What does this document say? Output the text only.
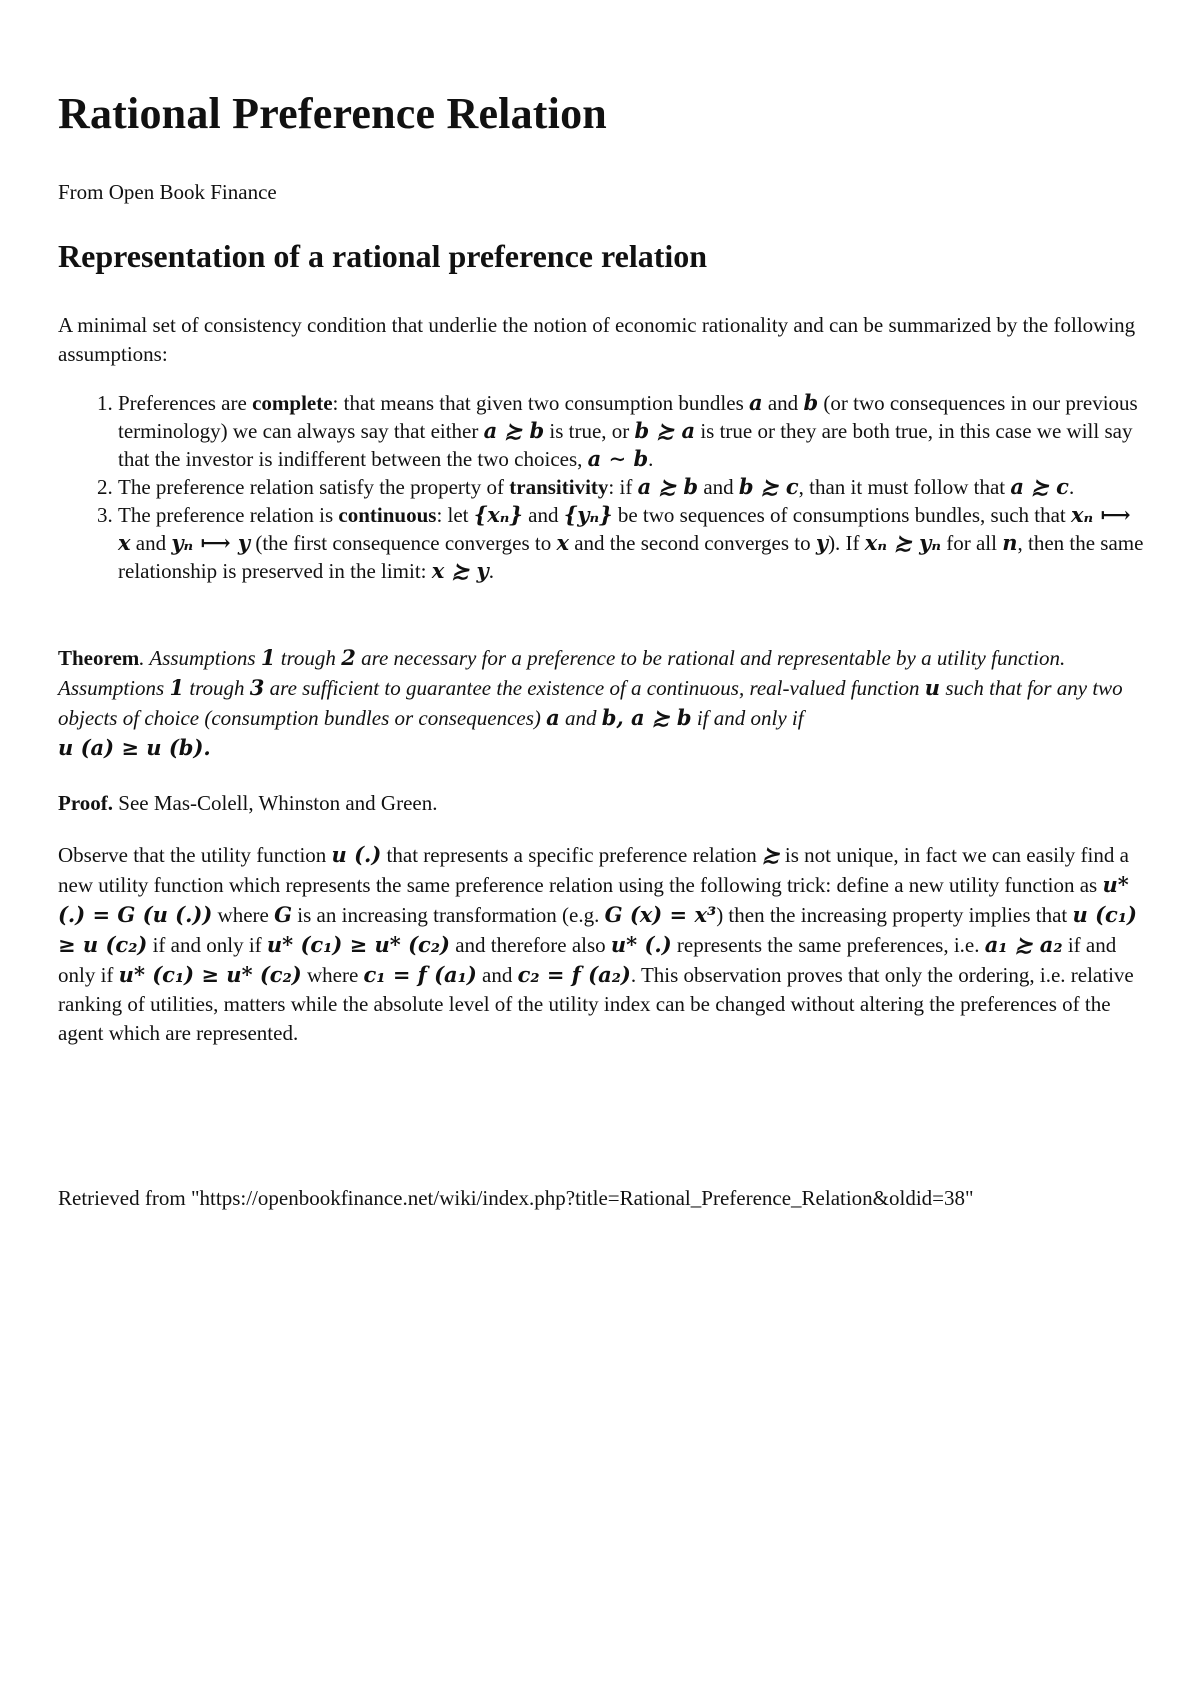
Rational Preference Relation
From Open Book Finance
Representation of a rational preference relation
A minimal set of consistency condition that underlie the notion of economic rationality and can be summarized by the following assumptions:
1. Preferences are complete: that means that given two consumption bundles a and b (or two consequences in our previous terminology) we can always say that either a ≿ b is true, or b ≿ a is true or they are both true, in this case we will say that the investor is indifferent between the two choices, a ∼ b.
2. The preference relation satisfy the property of transitivity: if a ≿ b and b ≿ c, than it must follow that a ≿ c.
3. The preference relation is continuous: let {xₙ} and {yₙ} be two sequences of consumptions bundles, such that xₙ ⟼ x and yₙ ⟼ y (the first consequence converges to x and the second converges to y). If xₙ ≿ yₙ for all n, then the same relationship is preserved in the limit: x ≿ y.
Theorem. Assumptions 1 trough 2 are necessary for a preference to be rational and representable by a utility function. Assumptions 1 trough 3 are sufficient to guarantee the existence of a continuous, real-valued function u such that for any two objects of choice (consumption bundles or consequences) a and b, a ≿ b if and only if
u (a) ≥ u (b).
Proof. See Mas-Colell, Whinston and Green.
Observe that the utility function u (.) that represents a specific preference relation ≿ is not unique, in fact we can easily find a new utility function which represents the same preference relation using the following trick: define a new utility function as u* (.) = G (u (.)) where G is an increasing transformation (e.g. G (x) = x³) then the increasing property implies that u (c₁) ≥ u (c₂) if and only if u* (c₁) ≥ u* (c₂) and therefore also u* (.) represents the same preferences, i.e. a₁ ≿ a₂ if and only if u* (c₁) ≥ u* (c₂) where c₁ = f (a₁) and c₂ = f (a₂). This observation proves that only the ordering, i.e. relative ranking of utilities, matters while the absolute level of the utility index can be changed without altering the preferences of the agent which are represented.
Retrieved from "https://openbookfinance.net/wiki/index.php?title=Rational_Preference_Relation&oldid=38"
